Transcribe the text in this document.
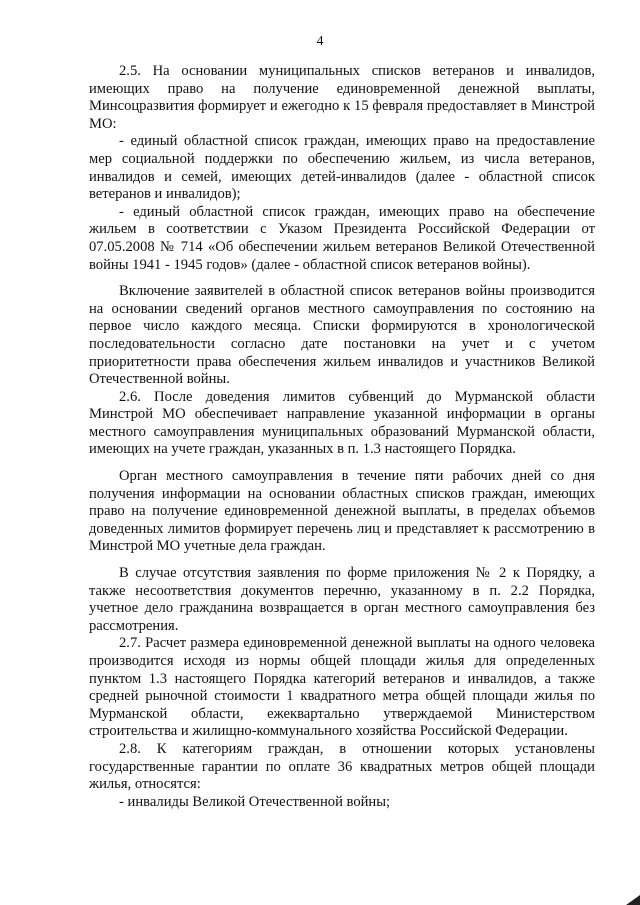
4

2.5. На основании муниципальных списков ветеранов и инвалидов, имеющих право на получение единовременной денежной выплаты, Минсоцразвития формирует и ежегодно к 15 февраля предоставляет в Минстрой МО:

- единый областной список граждан, имеющих право на предоставление мер социальной поддержки по обеспечению жильем, из числа ветеранов, инвалидов и семей, имеющих детей-инвалидов (далее - областной список ветеранов и инвалидов);

- единый областной список граждан, имеющих право на обеспечение жильем в соответствии с Указом Президента Российской Федерации от 07.05.2008 № 714 «Об обеспечении жильем ветеранов Великой Отечественной войны 1941 - 1945 годов» (далее - областной список ветеранов войны).

Включение заявителей в областной список ветеранов войны производится на основании сведений органов местного самоуправления по состоянию на первое число каждого месяца. Списки формируются в хронологической последовательности согласно дате постановки на учет и с учетом приоритетности права обеспечения жильем инвалидов и участников Великой Отечественной войны.

2.6. После доведения лимитов субвенций до Мурманской области Минстрой МО обеспечивает направление указанной информации в органы местного самоуправления муниципальных образований Мурманской области, имеющих на учете граждан, указанных в п. 1.3 настоящего Порядка.

Орган местного самоуправления в течение пяти рабочих дней со дня получения информации на основании областных списков граждан, имеющих право на получение единовременной денежной выплаты, в пределах объемов доведенных лимитов формирует перечень лиц и представляет к рассмотрению в Минстрой МО учетные дела граждан.

В случае отсутствия заявления по форме приложения № 2 к Порядку, а также несоответствия документов перечню, указанному в п. 2.2 Порядка, учетное дело гражданина возвращается в орган местного самоуправления без рассмотрения.

2.7. Расчет размера единовременной денежной выплаты на одного человека производится исходя из нормы общей площади жилья для определенных пунктом 1.3 настоящего Порядка категорий ветеранов и инвалидов, а также средней рыночной стоимости 1 квадратного метра общей площади жилья по Мурманской области, ежеквартально утверждаемой Министерством строительства и жилищно-коммунального хозяйства Российской Федерации.

2.8. К категориям граждан, в отношении которых установлены государственные гарантии по оплате 36 квадратных метров общей площади жилья, относятся:

- инвалиды Великой Отечественной войны;
